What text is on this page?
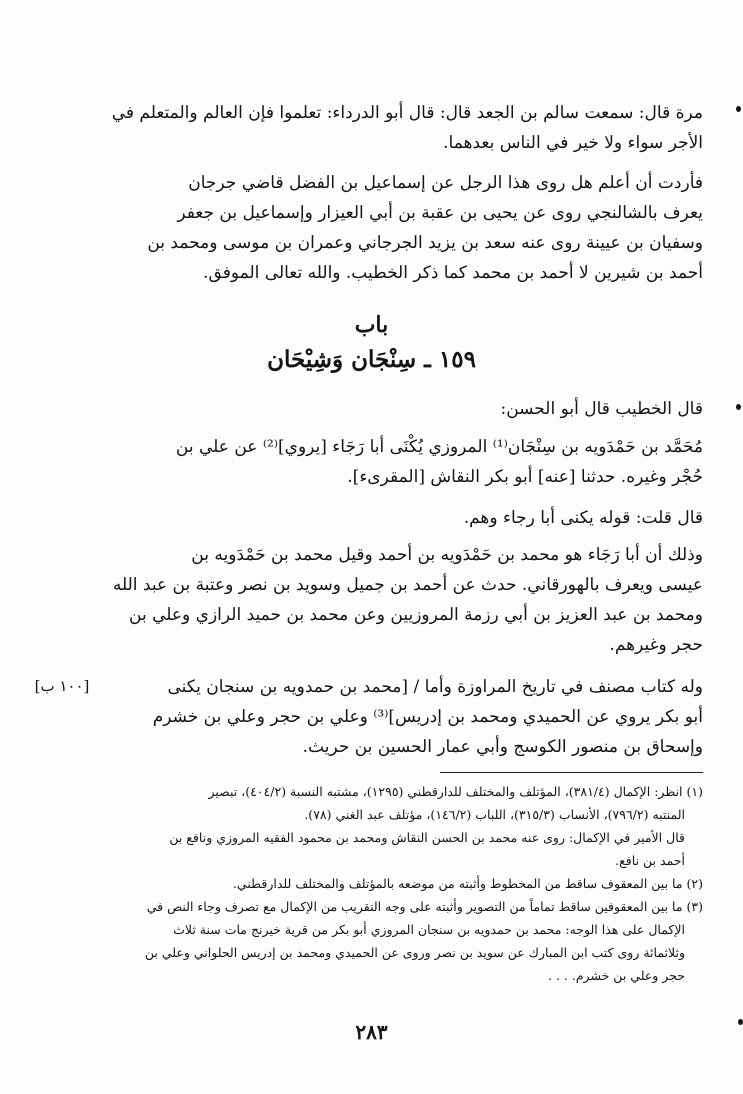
مرة قال: سمعت سالم بن الجعد قال: قال أبو الدرداء: تعلموا فإن العالم والمتعلم في
الأجر سواء ولا خير في الناس بعدهما.
فأردت أن أعلم هل روى هذا الرجل عن إسماعيل بن الفضل قاضي جرجان
يعرف بالشالنجي روى عن يحيى بن عقبة بن أبي العيزار وإسماعيل بن جعفر
وسفيان بن عيينة روى عنه سعد بن يزيد الجرجاني وعمران بن موسى ومحمد بن
أحمد بن شيرين لا أحمد بن محمد كما ذكر الخطيب. والله تعالى الموفق.
باب
١٥٩ ـ سِنْجَان وَشِيْحَان
قال الخطيب قال أبو الحسن:
مُحَمَّد بن حَمْدَويه بن سِنْجَان⁽¹⁾ المروزي يُكْنَى أبا رَجَاء [يروي]⁽²⁾ عن علي بن
حُجْر وغيره. حدثنا [عنه] أبو بكر النقاش [المقرىء].
قال قلت: قوله يكنى أبا رجاء وهم.
وذلك أن أبا رَجَاء هو محمد بن حَمْدَويه بن أحمد وقيل محمد بن حَمْدَويه بن
عيسى ويعرف بالهورقاني. حدث عن أحمد بن جميل وسويد بن نصر وعتبة بن عبد الله
ومحمد بن عبد العزيز بن أبي رزمة المروزيين وعن محمد بن حميد الرازي وعلي بن
حجر وغيرهم.
وله كتاب مصنف في تاريخ المراوزة وأما / [محمد بن حمدويه بن سنجان يكنى
أبو بكر يروي عن الحميدي ومحمد بن إدريس]⁽³⁾ وعلي بن حجر وعلي بن خشرم
وإسحاق بن منصور الكوسج وأبي عمار الحسين بن حريث.
[١٠٠ ب]
(١) انظر: الإكمال (٣٨١/٤)، المؤتلف والمختلف للدارقطني (١٢٩٥)، مشتبه النسبة (٤٠٤/٢)، تبصير
المنتبه (٧٩٦/٢)، الأنساب (٣١٥/٣)، اللباب (١٤٦/٢)، مؤتلف عبد الغني (٧٨).
قال الأمير في الإكمال: روى عنه محمد بن الحسن النقاش ومحمد بن محمود الفقيه المروزي ونافع بن
أحمد بن نافع.
(٢) ما بين المعقوف ساقط من المخطوط وأثبته من موضعه بالمؤتلف والمختلف للدارقطني.
(٣) ما بين المعقوفين ساقط تماماً من التصوير وأثبته على وجه التقريب من الإكمال مع تصرف وجاء النص في
الإكمال على هذا الوجه: محمد بن حمدويه بن سنجان المروزي أبو بكر من قرية خيرنج مات سنة ثلاث
وثلاثمائة روى كتب ابن المبارك عن سويد بن نصر وروى عن الحميدي ومحمد بن إدريس الحلواني وعلي بن
حجر وعلي بن خشرم. . . .
٢٨٣
